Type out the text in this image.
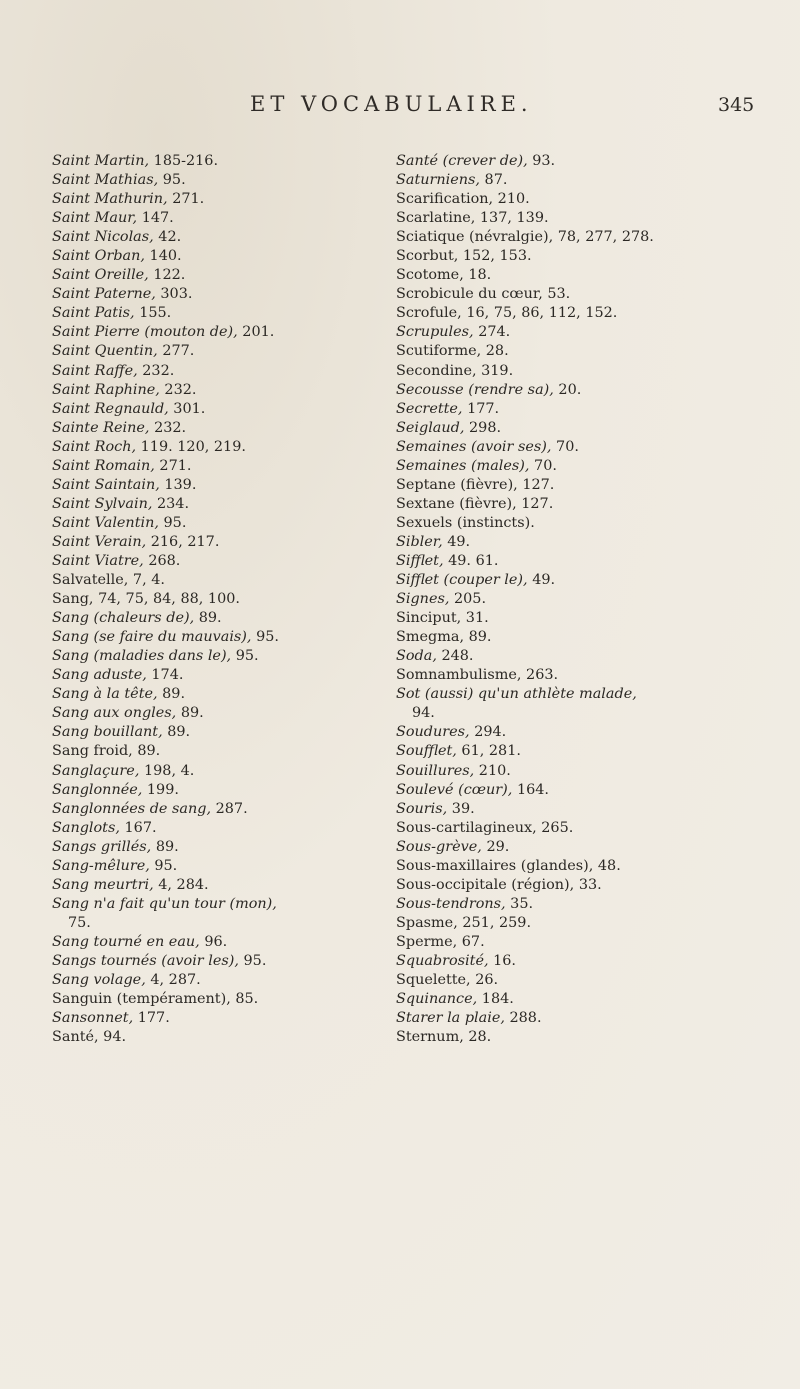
ET VOCABULAIRE.	345
Saint Martin, 185-216.
Saint Mathias, 95.
Saint Mathurin, 271.
Saint Maur, 147.
Saint Nicolas, 42.
Saint Orban, 140.
Saint Oreille, 122.
Saint Paterne, 303.
Saint Patis, 155.
Saint Pierre (mouton de), 201.
Saint Quentin, 277.
Saint Raffe, 232.
Saint Raphine, 232.
Saint Regnauld, 301.
Sainte Reine, 232.
Saint Roch, 119. 120, 219.
Saint Romain, 271.
Saint Saintain, 139.
Saint Sylvain, 234.
Saint Valentin, 95.
Saint Verain, 216, 217.
Saint Viatre, 268.
Salvatelle, 7, 4.
Sang, 74, 75, 84, 88, 100.
Sang (chaleurs de), 89.
Sang (se faire du mauvais), 95.
Sang (maladies dans le), 95.
Sang aduste, 174.
Sang à la tête, 89.
Sang aux ongles, 89.
Sang bouillant, 89.
Sang froid, 89.
Sanglaçure, 198, 4.
Sanglonnée, 199.
Sanglonnées de sang, 287.
Sanglots, 167.
Sangs grillés, 89.
Sang-mêlure, 95.
Sang meurtri, 4, 284.
Sang n'a fait qu'un tour (mon),
75.
Sang tourné en eau, 96.
Sangs tournés (avoir les), 95.
Sang volage, 4, 287.
Sanguin (tempérament), 85.
Sansonnet, 177.
Santé, 94.
Santé (crever de), 93.
Saturniens, 87.
Scarification, 210.
Scarlatine, 137, 139.
Sciatique (névralgie), 78, 277, 278.
Scorbut, 152, 153.
Scotome, 18.
Scrobicule du cœur, 53.
Scrofule, 16, 75, 86, 112, 152.
Scrupules, 274.
Scutiforme, 28.
Secondine, 319.
Secousse (rendre sa), 20.
Secrette, 177.
Seiglaud, 298.
Semaines (avoir ses), 70.
Semaines (males), 70.
Septane (fièvre), 127.
Sextane (fièvre), 127.
Sexuels (instincts).
Sibler, 49.
Sifflet, 49. 61.
Sifflet (couper le), 49.
Signes, 205.
Sinciput, 31.
Smegma, 89.
Soda, 248.
Somnambulisme, 263.
Sot (aussi) qu'un athlète malade,
94.
Soudures, 294.
Soufflet, 61, 281.
Souillures, 210.
Soulevé (cœur), 164.
Souris, 39.
Sous-cartilagineux, 265.
Sous-grève, 29.
Sous-maxillaires (glandes), 48.
Sous-occipitale (région), 33.
Sous-tendrons, 35.
Spasme, 251, 259.
Sperme, 67.
Squabrosité, 16.
Squelette, 26.
Squinance, 184.
Starer la plaie, 288.
Sternum, 28.
